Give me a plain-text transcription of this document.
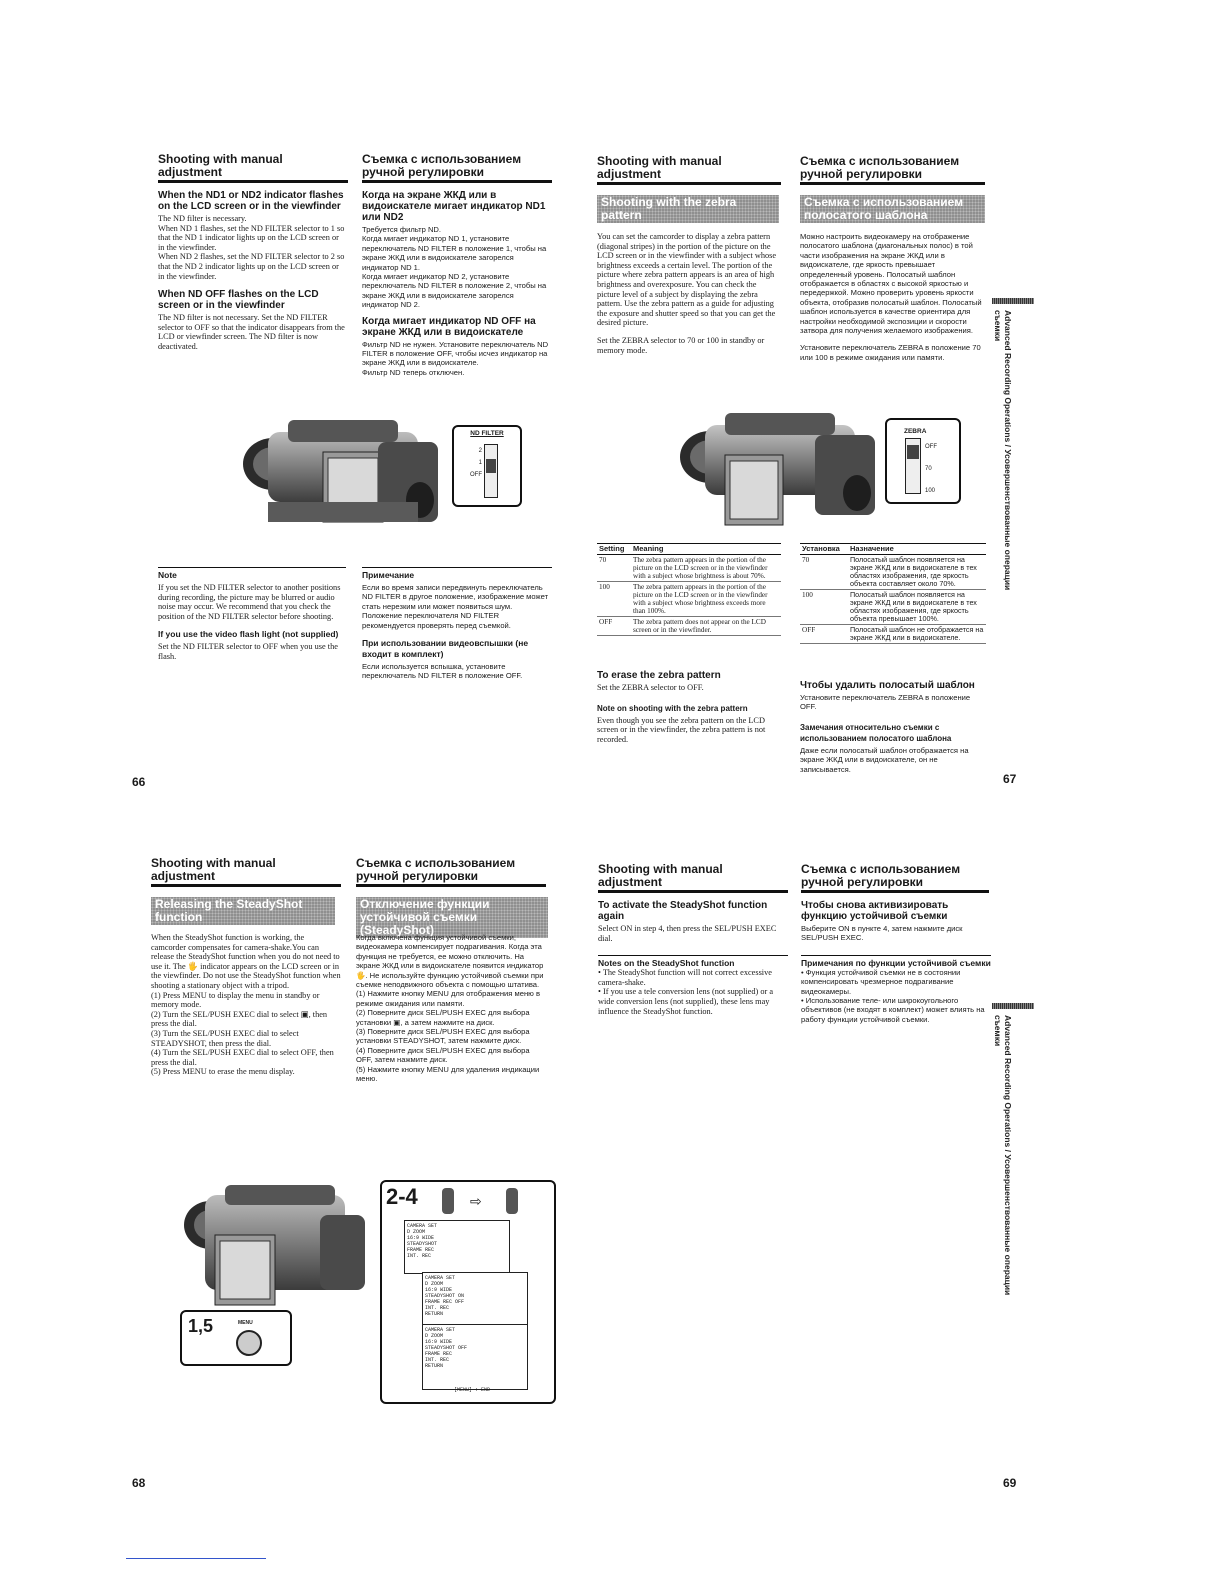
Shooting with manual
adjustment
Съемка с использованием
ручной регулировки
When the ND1 or ND2 indicator flashes on the LCD screen or in the viewfinder

The ND filter is necessary.
When ND 1 flashes, set the ND FILTER selector to 1 so that the ND 1 indicator lights up on the LCD screen or in the viewfinder.
When ND 2 flashes, set the ND FILTER selector to 2 so that the ND 2 indicator lights up on the LCD screen or in the viewfinder.

When ND OFF flashes on the LCD screen or in the viewfinder

The ND filter is not necessary. Set the ND FILTER selector to OFF so that the indicator disappears from the LCD or viewfinder screen. The ND filter is now deactivated.

Когда на экране ЖКД или в видоискателе мигает индикатор ND1 или ND2

Требуется фильтр ND.
Когда мигает индикатор ND 1, установите переключатель ND FILTER в положение 1, чтобы на экране ЖКД или в видоискателе загорелся индикатор ND 1.
Когда мигает индикатор ND 2, установите переключатель ND FILTER в положение 2, чтобы на экране ЖКД или в видоискателе загорелся индикатор ND 2.

Когда мигает индикатор ND OFF на экране ЖКД или в видоискателе

Фильтр ND не нужен. Установите переключатель ND FILTER в положение OFF, чтобы исчез индикатор на экране ЖКД или в видоискателе.
Фильтр ND теперь отключен.

ND FILTER
2
1
OFF
Note

If you set the ND FILTER selector to another positions during recording, the picture may be blurred or audio noise may occur. We recommend that you check the position of the ND FILTER selector before shooting.

If you use the video flash light (not supplied)

Set the ND FILTER selector to OFF when you use the flash.

Примечание

Если во время записи передвинуть переключатель ND FILTER в другое положение, изображение может стать нерезким или может появиться шум. Положение переключателя ND FILTER рекомендуется проверять перед съемкой.

При использовании видеовспышки (не входит в комплект)

Если используется вспышка, установите переключатель ND FILTER в положение OFF.

66
Shooting with manual
adjustment
Съемка с использованием
ручной регулировки
Shooting with the zebra pattern
Съемка с использованием полосатого шаблона

You can set the camcorder to display a zebra pattern (diagonal stripes) in the portion of the picture on the LCD screen or in the viewfinder with a subject whose brightness exceeds a certain level. The portion of the picture where zebra pattern appears is an area of high brightness and overexposure. You can check the picture level of a subject by displaying the zebra pattern. Use the zebra pattern as a guide for adjusting the exposure and shutter speed so that you can get the desired picture.

Set the ZEBRA selector to 70 or 100 in standby or memory mode.

Можно настроить видеокамеру на отображение полосатого шаблона (диагональных полос) в той части изображения на экране ЖКД или в видоискателе, где яркость превышает определенный уровень. Полосатый шаблон отображается в областях с высокой яркостью и передержкой. Можно проверить уровень яркости объекта, отобразив полосатый шаблон. Полосатый шаблон используется в качестве ориентира для настройки необходимой экспозиции и скорости затвора для получения желаемого изображения.

Установите переключатель ZEBRA в положение 70 или 100 в режиме ожидания или памяти.

ZEBRA
OFF
70
100
Setting	Meaning
70	The zebra pattern appears in the portion of the picture on the LCD screen or in the viewfinder with a subject whose brightness is about 70%.
100	The zebra pattern appears in the portion of the picture on the LCD screen or in the viewfinder with a subject whose brightness exceeds more than 100%.
OFF	The zebra pattern does not appear on the LCD screen or in the viewfinder.
Установка	Назначение
70	Полосатый шаблон появляется на экране ЖКД или в видоискателе в тех областях изображения, где яркость объекта составляет около 70%.
100	Полосатый шаблон появляется на экране ЖКД или в видоискателе в тех областях изображения, где яркость объекта превышает 100%.
OFF	Полосатый шаблон не отображается на экране ЖКД или в видоискателе.
To erase the zebra pattern

Set the ZEBRA selector to OFF.

Note on shooting with the zebra pattern

Even though you see the zebra pattern on the LCD screen or in the viewfinder, the zebra pattern is not recorded.

Чтобы удалить полосатый шаблон

Установите переключатель ZEBRA в положение OFF.

Замечания относительно съемки с использованием полосатого шаблона

Даже если полосатый шаблон отображается на экране ЖКД или в видоискателе, он не записывается.

Advanced Recording Operations / Усовершенствованные операции съемки
67
Shooting with manual
adjustment
Съемка с использованием
ручной регулировки
Releasing the SteadyShot function
Отключение функции устойчивой съемки (SteadyShot)

When the SteadyShot function is working, the camcorder compensates for camera-shake.You can release the SteadyShot function when you do not need to use it. The 🖐 indicator appears on the LCD screen or in the viewfinder. Do not use the SteadyShot function when shooting a stationary object with a tripod.

(1) Press MENU to display the menu in standby or memory mode.

(2) Turn the SEL/PUSH EXEC dial to select ▣, then press the dial.

(3) Turn the SEL/PUSH EXEC dial to select STEADYSHOT, then press the dial.

(4) Turn the SEL/PUSH EXEC dial to select OFF, then press the dial.

(5) Press MENU to erase the menu display.

Когда включена функция устойчивой съемки, видеокамера компенсирует подрагивания. Когда эта функция не требуется, ее можно отключить. На экране ЖКД или в видоискателе появится индикатор 🖐. Не используйте функцию устойчивой съемки при съемке неподвижного объекта с помощью штатива.

(1) Нажмите кнопку MENU для отображения меню в режиме ожидания или памяти.

(2) Поверните диск SEL/PUSH EXEC для выбора установки ▣, а затем нажмите на диск.

(3) Поверните диск SEL/PUSH EXEC для выбора установки STEADYSHOT, затем нажмите диск.

(4) Поверните диск SEL/PUSH EXEC для выбора OFF, затем нажмите диск.

(5) Нажмите кнопку MENU для удаления индикации меню.

1,5	MENU
2-4	⇨
CAMERA SET
D ZOOM
16:9 WIDE
STEADYSHOT
FRAME REC
INT. REC
CAMERA SET
D ZOOM
16:9 WIDE
STEADYSHOT ON
FRAME REC OFF
INT. REC
RETURN
CAMERA SET
D ZOOM
16:9 WIDE
STEADYSHOT OFF
FRAME REC
INT. REC
RETURN
[MENU] : END
68
Shooting with manual
adjustment
Съемка с использованием
ручной регулировки
To activate the SteadyShot function again

Select ON in step 4, then press the SEL/PUSH EXEC dial.

Notes on the SteadyShot function

• The SteadyShot function will not correct excessive camera-shake.

• If you use a tele conversion lens (not supplied) or a wide conversion lens (not supplied), these lens may influence the SteadyShot function.

Чтобы снова активизировать функцию устойчивой съемки

Выберите ON в пункте 4, затем нажмите диск SEL/PUSH EXEC.

Примечания по функции устойчивой съемки

• Функция устойчивой съемки не в состоянии компенсировать чрезмерное подрагивание видеокамеры.

• Использование теле- или широкоугольного объективов (не входят в комплект) может влиять на работу функции устойчивой съемки.	Advanced Recording Operations / Усовершенствованные операции съемки
69
